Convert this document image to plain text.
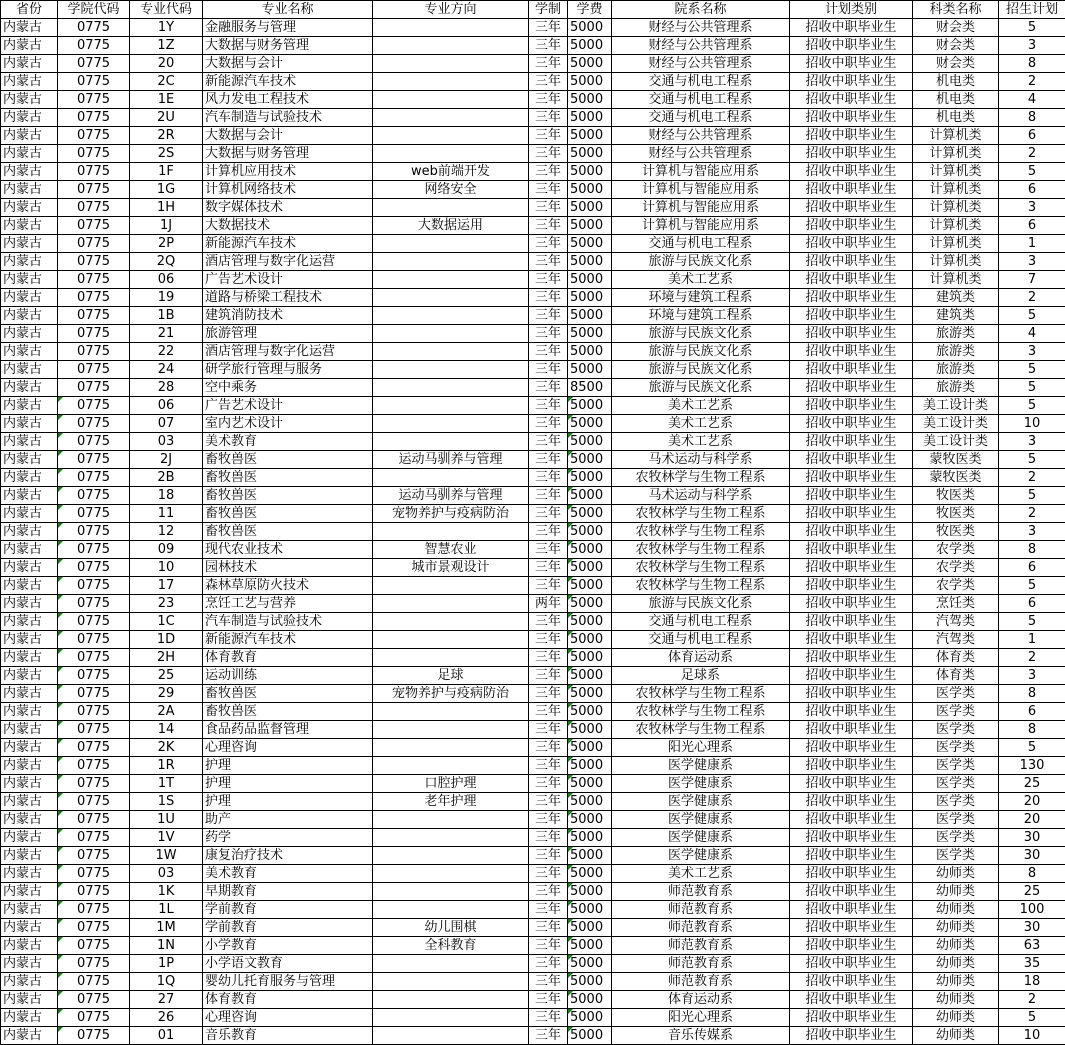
省份	学院代码	专业代码	专业名称	专业方向	学制	学费	院系名称	计划类别	科类名称	招生计划
内蒙古	0775	1Y	金融服务与管理		三年	5000	财经与公共管理系	招收中职毕业生	财会类	5
内蒙古	0775	1Z	大数据与财务管理		三年	5000	财经与公共管理系	招收中职毕业生	财会类	3
内蒙古	0775	20	大数据与会计		三年	5000	财经与公共管理系	招收中职毕业生	财会类	8
内蒙古	0775	2C	新能源汽车技术		三年	5000	交通与机电工程系	招收中职毕业生	机电类	2
内蒙古	0775	1E	风力发电工程技术		三年	5000	交通与机电工程系	招收中职毕业生	机电类	4
内蒙古	0775	2U	汽车制造与试验技术		三年	5000	交通与机电工程系	招收中职毕业生	机电类	8
内蒙古	0775	2R	大数据与会计		三年	5000	财经与公共管理系	招收中职毕业生	计算机类	6
内蒙古	0775	2S	大数据与财务管理		三年	5000	财经与公共管理系	招收中职毕业生	计算机类	2
内蒙古	0775	1F	计算机应用技术	web前端开发	三年	5000	计算机与智能应用系	招收中职毕业生	计算机类	5
内蒙古	0775	1G	计算机网络技术	网络安全	三年	5000	计算机与智能应用系	招收中职毕业生	计算机类	6
内蒙古	0775	1H	数字媒体技术		三年	5000	计算机与智能应用系	招收中职毕业生	计算机类	3
内蒙古	0775	1J	大数据技术	大数据运用	三年	5000	计算机与智能应用系	招收中职毕业生	计算机类	6
内蒙古	0775	2P	新能源汽车技术		三年	5000	交通与机电工程系	招收中职毕业生	计算机类	1
内蒙古	0775	2Q	酒店管理与数字化运营		三年	5000	旅游与民族文化系	招收中职毕业生	计算机类	3
内蒙古	0775	06	广告艺术设计		三年	5000	美术工艺系	招收中职毕业生	计算机类	7
内蒙古	0775	19	道路与桥梁工程技术		三年	5000	环境与建筑工程系	招收中职毕业生	建筑类	2
内蒙古	0775	1B	建筑消防技术		三年	5000	环境与建筑工程系	招收中职毕业生	建筑类	5
内蒙古	0775	21	旅游管理		三年	5000	旅游与民族文化系	招收中职毕业生	旅游类	4
内蒙古	0775	22	酒店管理与数字化运营		三年	5000	旅游与民族文化系	招收中职毕业生	旅游类	3
内蒙古	0775	24	研学旅行管理与服务		三年	5000	旅游与民族文化系	招收中职毕业生	旅游类	5
内蒙古	0775	28	空中乘务		三年	8500	旅游与民族文化系	招收中职毕业生	旅游类	5
内蒙古	0775	06	广告艺术设计		三年	5000	美术工艺系	招收中职毕业生	美工设计类	5
内蒙古	0775	07	室内艺术设计		三年	5000	美术工艺系	招收中职毕业生	美工设计类	10
内蒙古	0775	03	美术教育		三年	5000	美术工艺系	招收中职毕业生	美工设计类	3
内蒙古	0775	2J	畜牧兽医	运动马驯养与管理	三年	5000	马术运动与科学系	招收中职毕业生	蒙牧医类	5
内蒙古	0775	2B	畜牧兽医		三年	5000	农牧林学与生物工程系	招收中职毕业生	蒙牧医类	2
内蒙古	0775	18	畜牧兽医	运动马驯养与管理	三年	5000	马术运动与科学系	招收中职毕业生	牧医类	5
内蒙古	0775	11	畜牧兽医	宠物养护与疫病防治	三年	5000	农牧林学与生物工程系	招收中职毕业生	牧医类	2
内蒙古	0775	12	畜牧兽医		三年	5000	农牧林学与生物工程系	招收中职毕业生	牧医类	3
内蒙古	0775	09	现代农业技术	智慧农业	三年	5000	农牧林学与生物工程系	招收中职毕业生	农学类	8
内蒙古	0775	10	园林技术	城市景观设计	三年	5000	农牧林学与生物工程系	招收中职毕业生	农学类	6
内蒙古	0775	17	森林草原防火技术		三年	5000	农牧林学与生物工程系	招收中职毕业生	农学类	5
内蒙古	0775	23	烹饪工艺与营养		两年	5000	旅游与民族文化系	招收中职毕业生	烹饪类	6
内蒙古	0775	1C	汽车制造与试验技术		三年	5000	交通与机电工程系	招收中职毕业生	汽驾类	5
内蒙古	0775	1D	新能源汽车技术		三年	5000	交通与机电工程系	招收中职毕业生	汽驾类	1
内蒙古	0775	2H	体育教育		三年	5000	体育运动系	招收中职毕业生	体育类	2
内蒙古	0775	25	运动训练	足球	三年	5000	足球系	招收中职毕业生	体育类	3
内蒙古	0775	29	畜牧兽医	宠物养护与疫病防治	三年	5000	农牧林学与生物工程系	招收中职毕业生	医学类	8
内蒙古	0775	2A	畜牧兽医		三年	5000	农牧林学与生物工程系	招收中职毕业生	医学类	6
内蒙古	0775	14	食品药品监督管理		三年	5000	农牧林学与生物工程系	招收中职毕业生	医学类	8
内蒙古	0775	2K	心理咨询		三年	5000	阳光心理系	招收中职毕业生	医学类	5
内蒙古	0775	1R	护理		三年	5000	医学健康系	招收中职毕业生	医学类	130
内蒙古	0775	1T	护理	口腔护理	三年	5000	医学健康系	招收中职毕业生	医学类	25
内蒙古	0775	1S	护理	老年护理	三年	5000	医学健康系	招收中职毕业生	医学类	20
内蒙古	0775	1U	助产		三年	5000	医学健康系	招收中职毕业生	医学类	20
内蒙古	0775	1V	药学		三年	5000	医学健康系	招收中职毕业生	医学类	30
内蒙古	0775	1W	康复治疗技术		三年	5000	医学健康系	招收中职毕业生	医学类	30
内蒙古	0775	03	美术教育		三年	5000	美术工艺系	招收中职毕业生	幼师类	8
内蒙古	0775	1K	早期教育		三年	5000	师范教育系	招收中职毕业生	幼师类	25
内蒙古	0775	1L	学前教育		三年	5000	师范教育系	招收中职毕业生	幼师类	100
内蒙古	0775	1M	学前教育	幼儿围棋	三年	5000	师范教育系	招收中职毕业生	幼师类	30
内蒙古	0775	1N	小学教育	全科教育	三年	5000	师范教育系	招收中职毕业生	幼师类	63
内蒙古	0775	1P	小学语文教育		三年	5000	师范教育系	招收中职毕业生	幼师类	35
内蒙古	0775	1Q	婴幼儿托育服务与管理		三年	5000	师范教育系	招收中职毕业生	幼师类	18
内蒙古	0775	27	体育教育		三年	5000	体育运动系	招收中职毕业生	幼师类	2
内蒙古	0775	26	心理咨询		三年	5000	阳光心理系	招收中职毕业生	幼师类	5
内蒙古	0775	01	音乐教育		三年	5000	音乐传媒系	招收中职毕业生	幼师类	10
